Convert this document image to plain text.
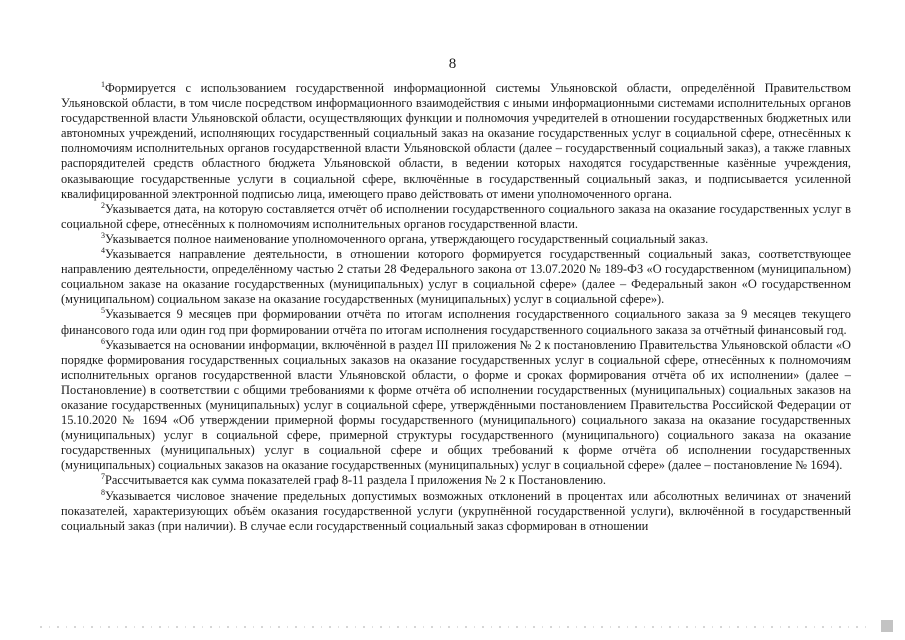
8

$^1$Формируется с использованием государственной информационной системы Ульяновской области, определённой Правительством Ульяновской области, в том числе посредством информационного взаимодействия с иными информационными системами исполнительных органов государственной власти Ульяновской области, осуществляющих функции и полномочия учредителей в отношении государственных бюджетных или автономных учреждений, исполняющих государственный социальный заказ на оказание государственных услуг в социальной сфере, отнесённых к полномочиям исполнительных органов государственной власти Ульяновской области (далее – государственный социальный заказ), а также главных распорядителей средств областного бюджета Ульяновской области, в ведении которых находятся государственные казённые учреждения, оказывающие государственные услуги в социальной сфере, включённые в государственный социальный заказ, и подписывается усиленной квалифицированной электронной подписью лица, имеющего право действовать от имени уполномоченного органа.

$^2$Указывается дата, на которую составляется отчёт об исполнении государственного социального заказа на оказание государственных услуг в социальной сфере, отнесённых к полномочиям исполнительных органов государственной власти.

$^3$Указывается полное наименование уполномоченного органа, утверждающего государственный социальный заказ.

$^4$Указывается направление деятельности, в отношении которого формируется государственный социальный заказ, соответствующее направлению деятельности, определённому частью 2 статьи 28 Федерального закона от 13.07.2020 № 189-ФЗ «О государственном (муниципальном) социальном заказе на оказание государственных (муниципальных) услуг в социальной сфере» (далее – Федеральный закон «О государственном (муниципальном) социальном заказе на оказание государственных (муниципальных) услуг в социальной сфере»).

$^5$Указывается 9 месяцев при формировании отчёта по итогам исполнения государственного социального заказа за 9 месяцев текущего финансового года или один год при формировании отчёта по итогам исполнения государственного социального заказа за отчётный финансовый год.

$^6$Указывается на основании информации, включённой в раздел III приложения № 2 к постановлению Правительства Ульяновской области «О порядке формирования государственных социальных заказов на оказание государственных услуг в социальной сфере, отнесённых к полномочиям исполнительных органов государственной власти Ульяновской области, о форме и сроках формирования отчёта об их исполнении» (далее – Постановление) в соответствии с общими требованиями к форме отчёта об исполнении государственных (муниципальных) социальных заказов на оказание государственных (муниципальных) услуг в социальной сфере, утверждёнными постановлением Правительства Российской Федерации от 15.10.2020 № 1694 «Об утверждении примерной формы государственного (муниципального) социального заказа на оказание государственных (муниципальных) услуг в социальной сфере, примерной структуры государственного (муниципального) социального заказа на оказание государственных (муниципальных) услуг в социальной сфере и общих требований к форме отчёта об исполнении государственных (муниципальных) социальных заказов на оказание государственных (муниципальных) услуг в социальной сфере» (далее – постановление № 1694).

$^7$Рассчитывается как сумма показателей граф 8-11 раздела I приложения № 2 к Постановлению.

$^8$Указывается числовое значение предельных допустимых возможных отклонений в процентах или абсолютных величинах от значений показателей, характеризующих объём оказания государственной услуги (укрупнённой государственной услуги), включённой в государственный социальный заказ (при наличии). В случае если государственный социальный заказ сформирован в отношении
